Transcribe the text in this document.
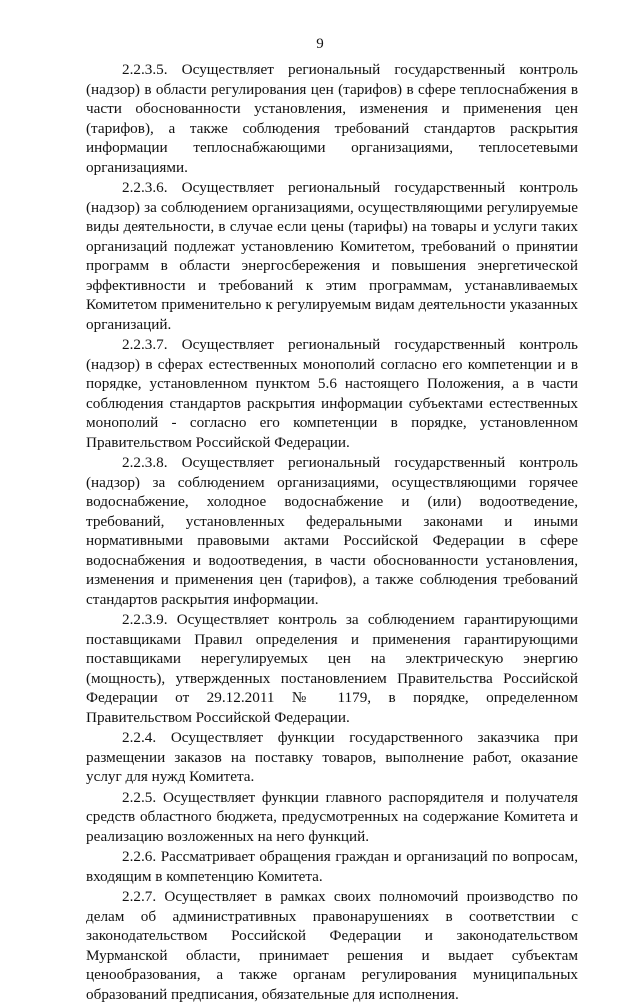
9

2.2.3.5. Осуществляет региональный государственный контроль (надзор) в области регулирования цен (тарифов) в сфере теплоснабжения в части обоснованности установления, изменения и применения цен (тарифов), а также соблюдения требований стандартов раскрытия информации теплоснабжающими организациями, теплосетевыми организациями.

2.2.3.6. Осуществляет региональный государственный контроль (надзор) за соблюдением организациями, осуществляющими регулируемые виды деятельности, в случае если цены (тарифы) на товары и услуги таких организаций подлежат установлению Комитетом, требований о принятии программ в области энергосбережения и повышения энергетической эффективности и требований к этим программам, устанавливаемых Комитетом применительно к регулируемым видам деятельности указанных организаций.

2.2.3.7. Осуществляет региональный государственный контроль (надзор) в сферах естественных монополий согласно его компетенции и в порядке, установленном пунктом 5.6 настоящего Положения, а в части соблюдения стандартов раскрытия информации субъектами естественных монополий - согласно его компетенции в порядке, установленном Правительством Российской Федерации.

2.2.3.8. Осуществляет региональный государственный контроль (надзор) за соблюдением организациями, осуществляющими горячее водоснабжение, холодное водоснабжение и (или) водоотведение, требований, установленных федеральными законами и иными нормативными правовыми актами Российской Федерации в сфере водоснабжения и водоотведения, в части обоснованности установления, изменения и применения цен (тарифов), а также соблюдения требований стандартов раскрытия информации.

2.2.3.9. Осуществляет контроль за соблюдением гарантирующими поставщиками Правил определения и применения гарантирующими поставщиками нерегулируемых цен на электрическую энергию (мощность), утвержденных постановлением Правительства Российской Федерации от 29.12.2011 № 1179, в порядке, определенном Правительством Российской Федерации.

2.2.4. Осуществляет функции государственного заказчика при размещении заказов на поставку товаров, выполнение работ, оказание услуг для нужд Комитета.

2.2.5. Осуществляет функции главного распорядителя и получателя средств областного бюджета, предусмотренных на содержание Комитета и реализацию возложенных на него функций.

2.2.6. Рассматривает обращения граждан и организаций по вопросам, входящим в компетенцию Комитета.

2.2.7. Осуществляет в рамках своих полномочий производство по делам об административных правонарушениях в соответствии с законодательством Российской Федерации и законодательством Мурманской области, принимает решения и выдает субъектам ценообразования, а также органам регулирования муниципальных образований предписания, обязательные для исполнения.
